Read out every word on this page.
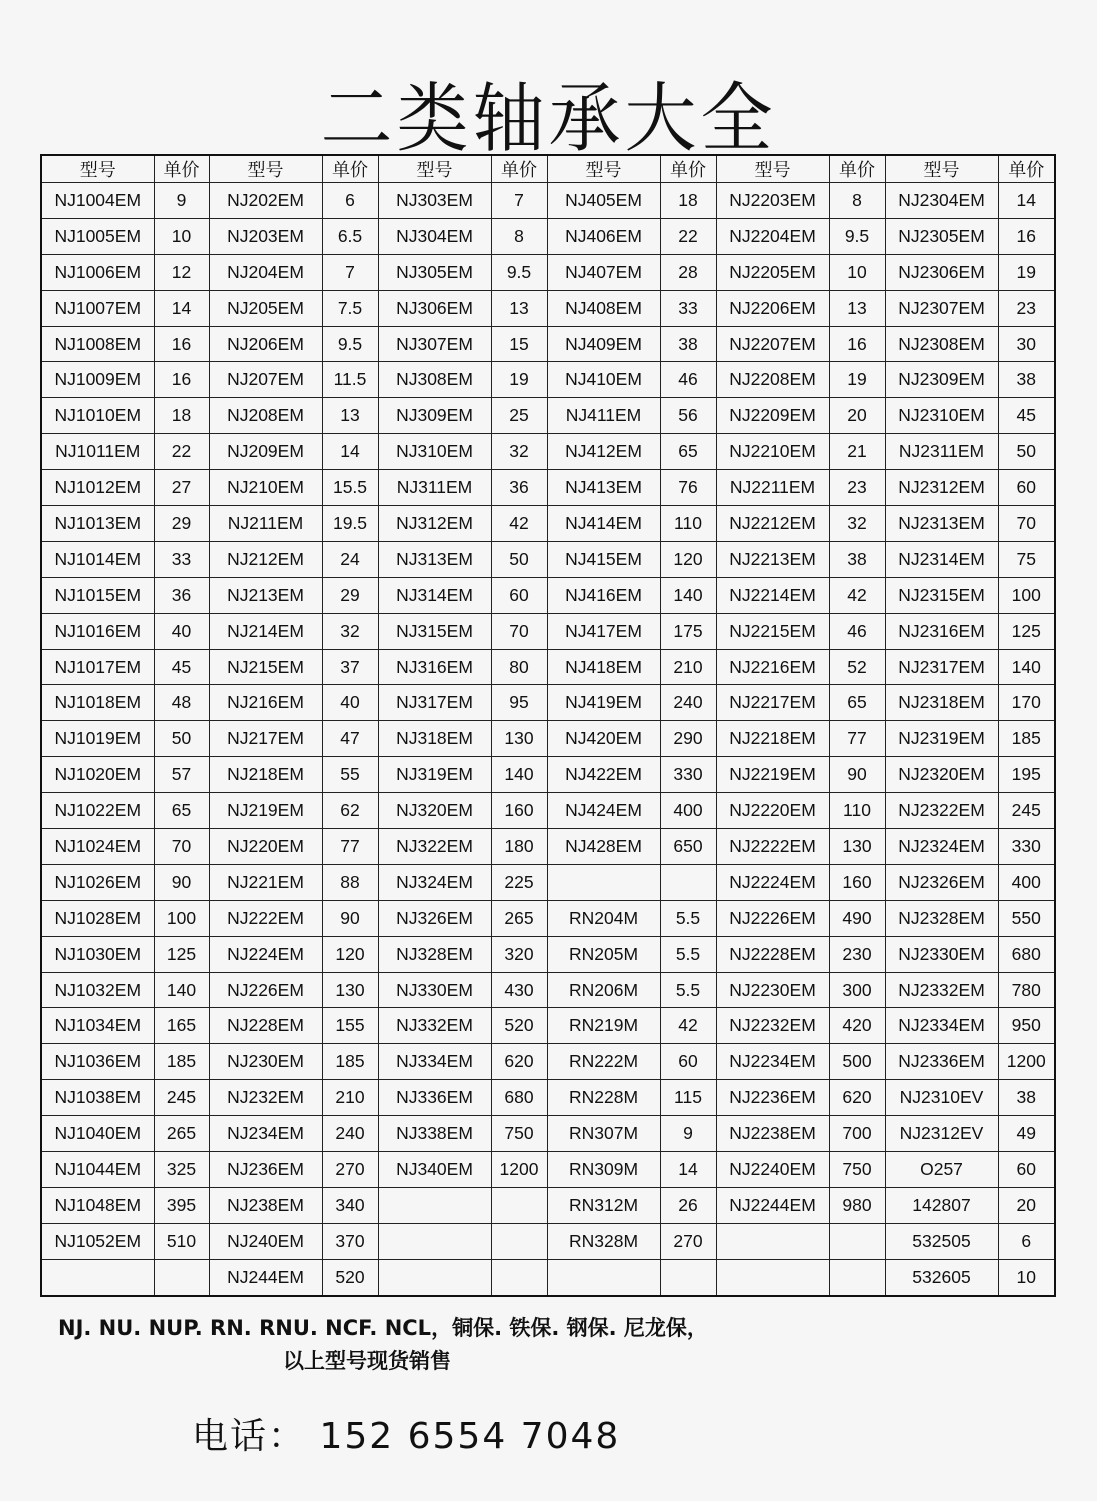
二类轴承大全
型号	单价	型号	单价	型号	单价	型号	单价	型号	单价	型号	单价
NJ1004EM	9	NJ202EM	6	NJ303EM	7	NJ405EM	18	NJ2203EM	8	NJ2304EM	14
NJ1005EM	10	NJ203EM	6.5	NJ304EM	8	NJ406EM	22	NJ2204EM	9.5	NJ2305EM	16
NJ1006EM	12	NJ204EM	7	NJ305EM	9.5	NJ407EM	28	NJ2205EM	10	NJ2306EM	19
NJ1007EM	14	NJ205EM	7.5	NJ306EM	13	NJ408EM	33	NJ2206EM	13	NJ2307EM	23
NJ1008EM	16	NJ206EM	9.5	NJ307EM	15	NJ409EM	38	NJ2207EM	16	NJ2308EM	30
NJ1009EM	16	NJ207EM	11.5	NJ308EM	19	NJ410EM	46	NJ2208EM	19	NJ2309EM	38
NJ1010EM	18	NJ208EM	13	NJ309EM	25	NJ411EM	56	NJ2209EM	20	NJ2310EM	45
NJ1011EM	22	NJ209EM	14	NJ310EM	32	NJ412EM	65	NJ2210EM	21	NJ2311EM	50
NJ1012EM	27	NJ210EM	15.5	NJ311EM	36	NJ413EM	76	NJ2211EM	23	NJ2312EM	60
NJ1013EM	29	NJ211EM	19.5	NJ312EM	42	NJ414EM	110	NJ2212EM	32	NJ2313EM	70
NJ1014EM	33	NJ212EM	24	NJ313EM	50	NJ415EM	120	NJ2213EM	38	NJ2314EM	75
NJ1015EM	36	NJ213EM	29	NJ314EM	60	NJ416EM	140	NJ2214EM	42	NJ2315EM	100
NJ1016EM	40	NJ214EM	32	NJ315EM	70	NJ417EM	175	NJ2215EM	46	NJ2316EM	125
NJ1017EM	45	NJ215EM	37	NJ316EM	80	NJ418EM	210	NJ2216EM	52	NJ2317EM	140
NJ1018EM	48	NJ216EM	40	NJ317EM	95	NJ419EM	240	NJ2217EM	65	NJ2318EM	170
NJ1019EM	50	NJ217EM	47	NJ318EM	130	NJ420EM	290	NJ2218EM	77	NJ2319EM	185
NJ1020EM	57	NJ218EM	55	NJ319EM	140	NJ422EM	330	NJ2219EM	90	NJ2320EM	195
NJ1022EM	65	NJ219EM	62	NJ320EM	160	NJ424EM	400	NJ2220EM	110	NJ2322EM	245
NJ1024EM	70	NJ220EM	77	NJ322EM	180	NJ428EM	650	NJ2222EM	130	NJ2324EM	330
NJ1026EM	90	NJ221EM	88	NJ324EM	225			NJ2224EM	160	NJ2326EM	400
NJ1028EM	100	NJ222EM	90	NJ326EM	265	RN204M	5.5	NJ2226EM	490	NJ2328EM	550
NJ1030EM	125	NJ224EM	120	NJ328EM	320	RN205M	5.5	NJ2228EM	230	NJ2330EM	680
NJ1032EM	140	NJ226EM	130	NJ330EM	430	RN206M	5.5	NJ2230EM	300	NJ2332EM	780
NJ1034EM	165	NJ228EM	155	NJ332EM	520	RN219M	42	NJ2232EM	420	NJ2334EM	950
NJ1036EM	185	NJ230EM	185	NJ334EM	620	RN222M	60	NJ2234EM	500	NJ2336EM	1200
NJ1038EM	245	NJ232EM	210	NJ336EM	680	RN228M	115	NJ2236EM	620	NJ2310EV	38
NJ1040EM	265	NJ234EM	240	NJ338EM	750	RN307M	9	NJ2238EM	700	NJ2312EV	49
NJ1044EM	325	NJ236EM	270	NJ340EM	1200	RN309M	14	NJ2240EM	750	O257	60
NJ1048EM	395	NJ238EM	340			RN312M	26	NJ2244EM	980	142807	20
NJ1052EM	510	NJ240EM	370			RN328M	270			532505	6
		NJ244EM	520							532605	10
NJ. NU. NUP. RN. RNU. NCF. NCL，铜保. 铁保. 钢保. 尼龙保，
以上型号现货销售
电话： 152 6554 7048
